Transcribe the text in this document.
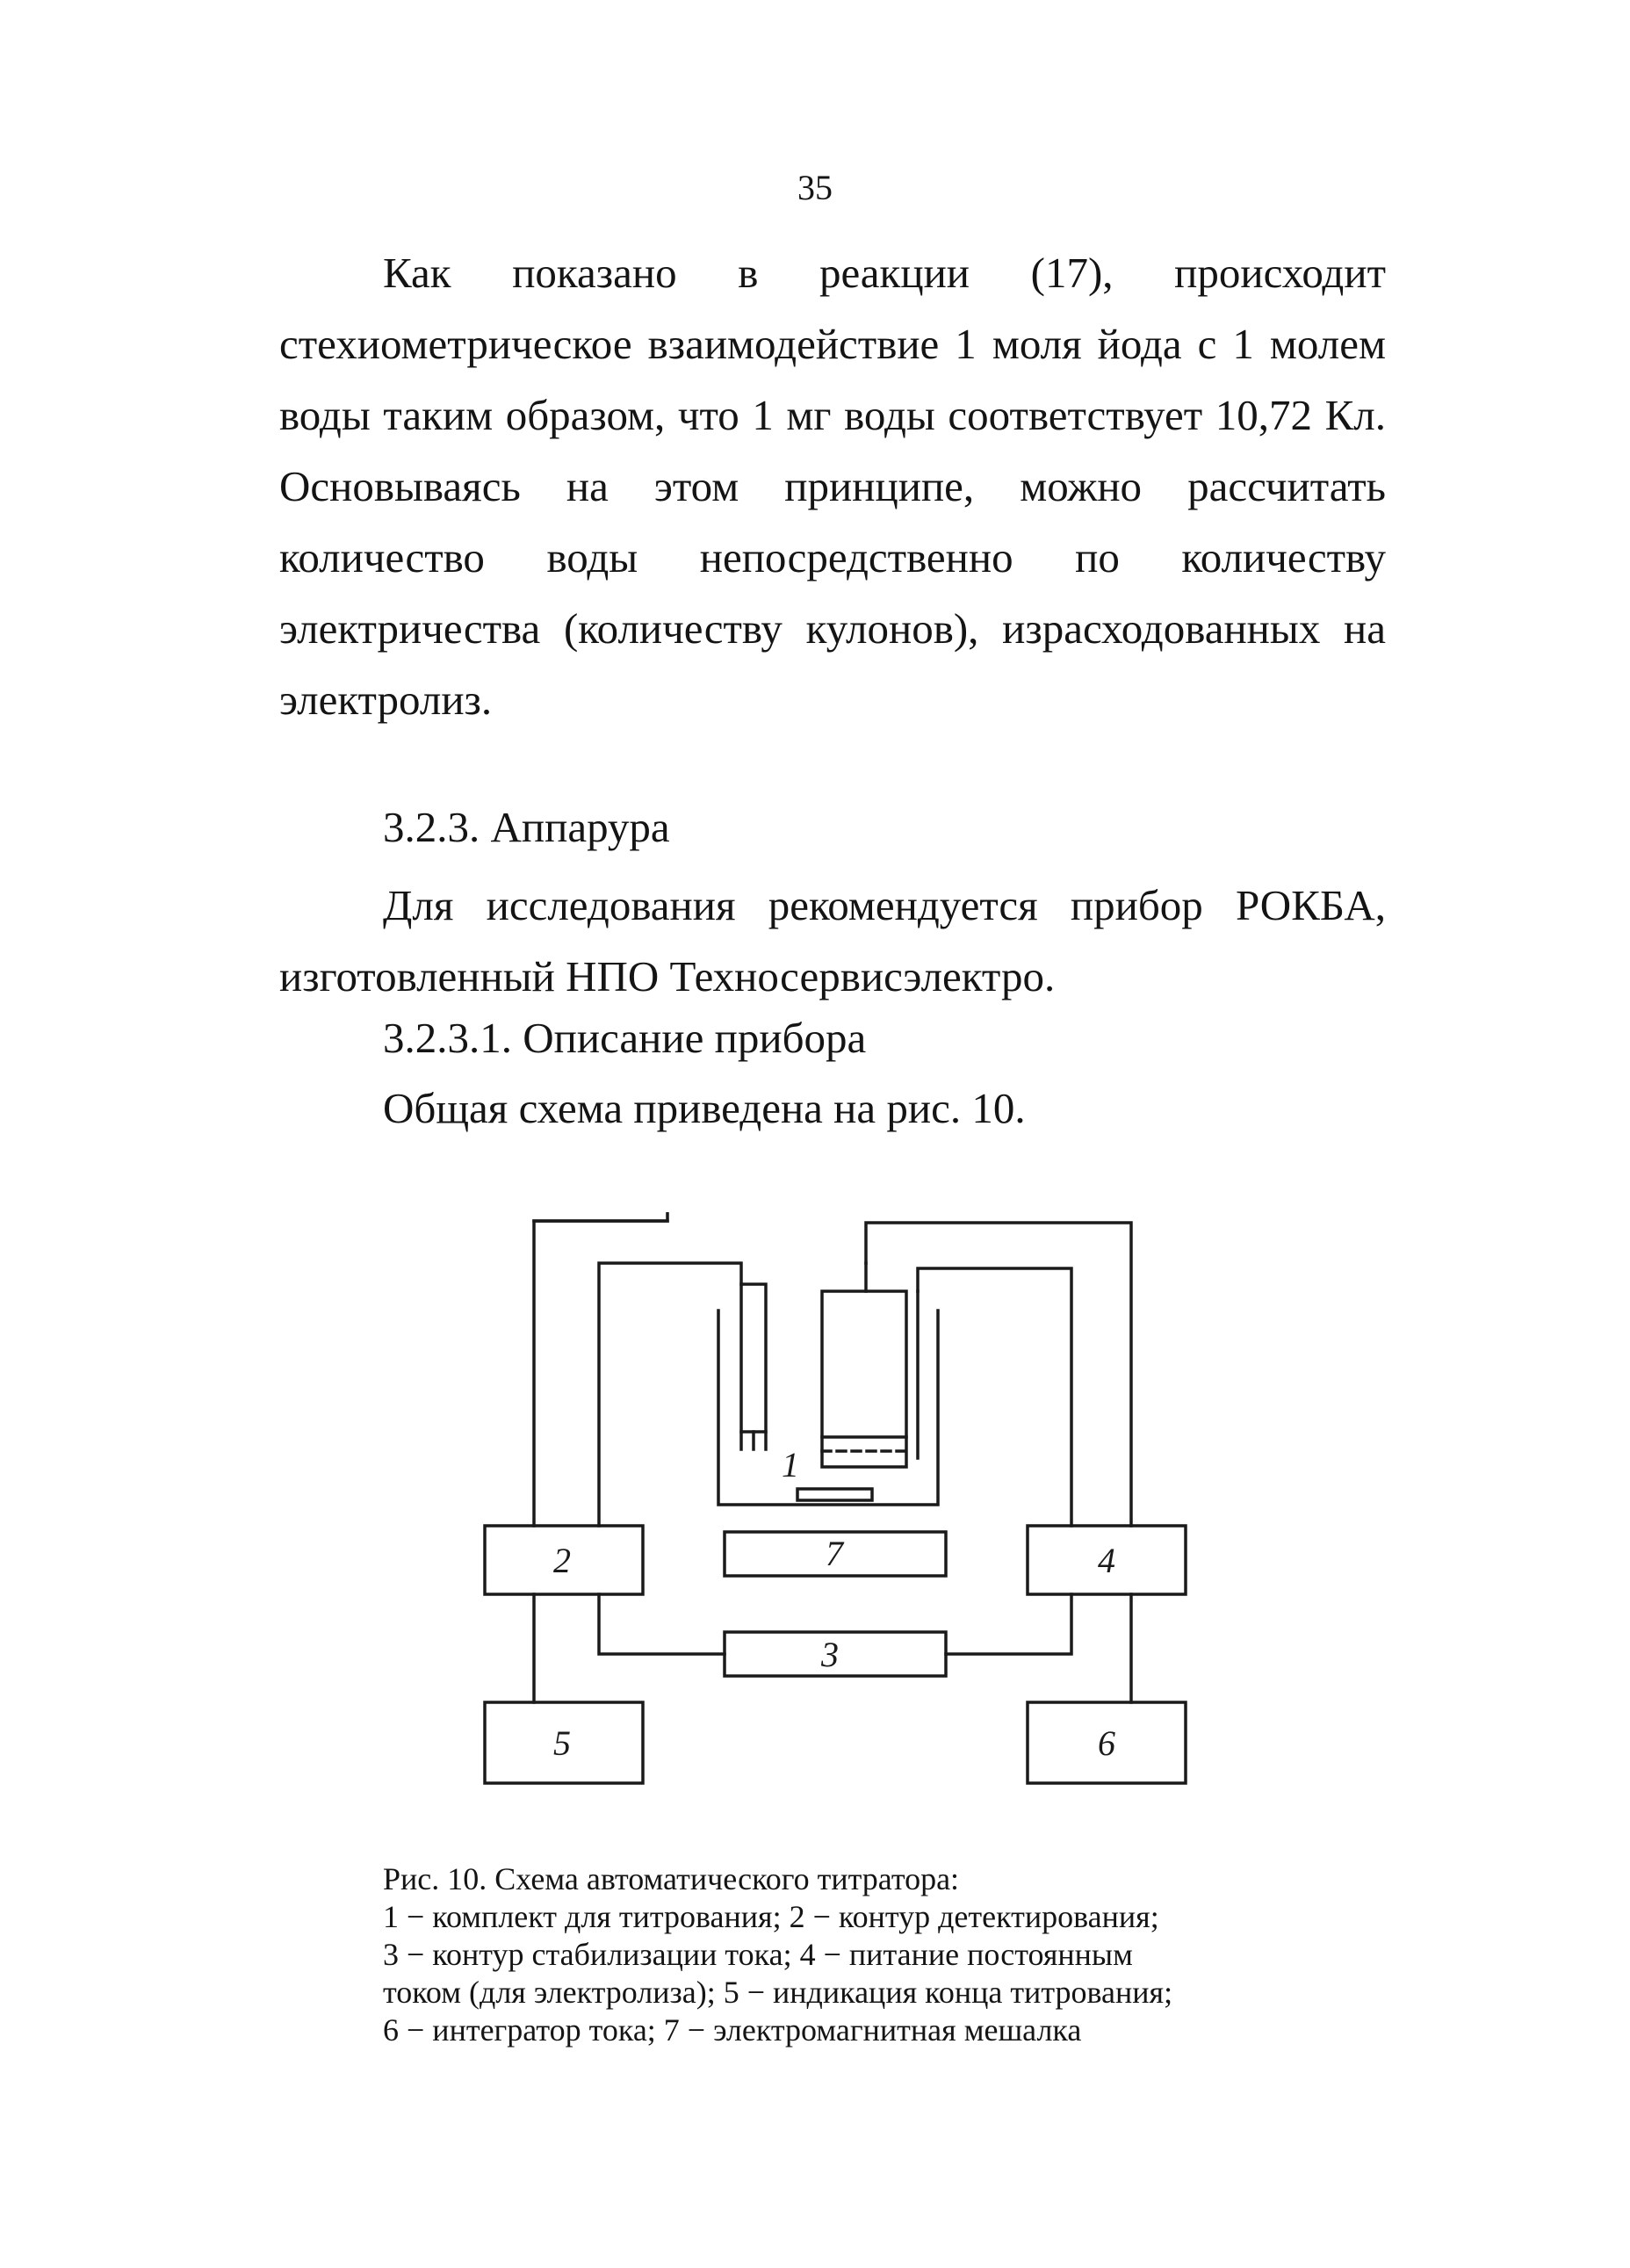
35

Как показано в реакции (17), происходит стехиометрическое взаимодействие 1 моля йода с 1 молем воды таким образом, что 1 мг воды соответствует 10,72 Кл. Основываясь на этом принципе, можно рассчитать количество воды непосредственно по количеству электричества (количеству кулонов), израсходованных на электролиз.

3.2.3. Аппарура

Для исследования рекомендуется прибор РОКБА, изготовленный НПО Техносервисэлектро.

3.2.3.1. Описание прибора
Общая схема приведена на рис. 10.
1
2	7	4
3
5	6
Рис. 10. Схема автоматического титратора:
1 − комплект для титрования; 2 − контур детектирования;
3 − контур стабилизации тока; 4 − питание постоянным
током (для электролиза); 5 − индикация конца титрования;
6 − интегратор тока; 7 − электромагнитная мешалка
